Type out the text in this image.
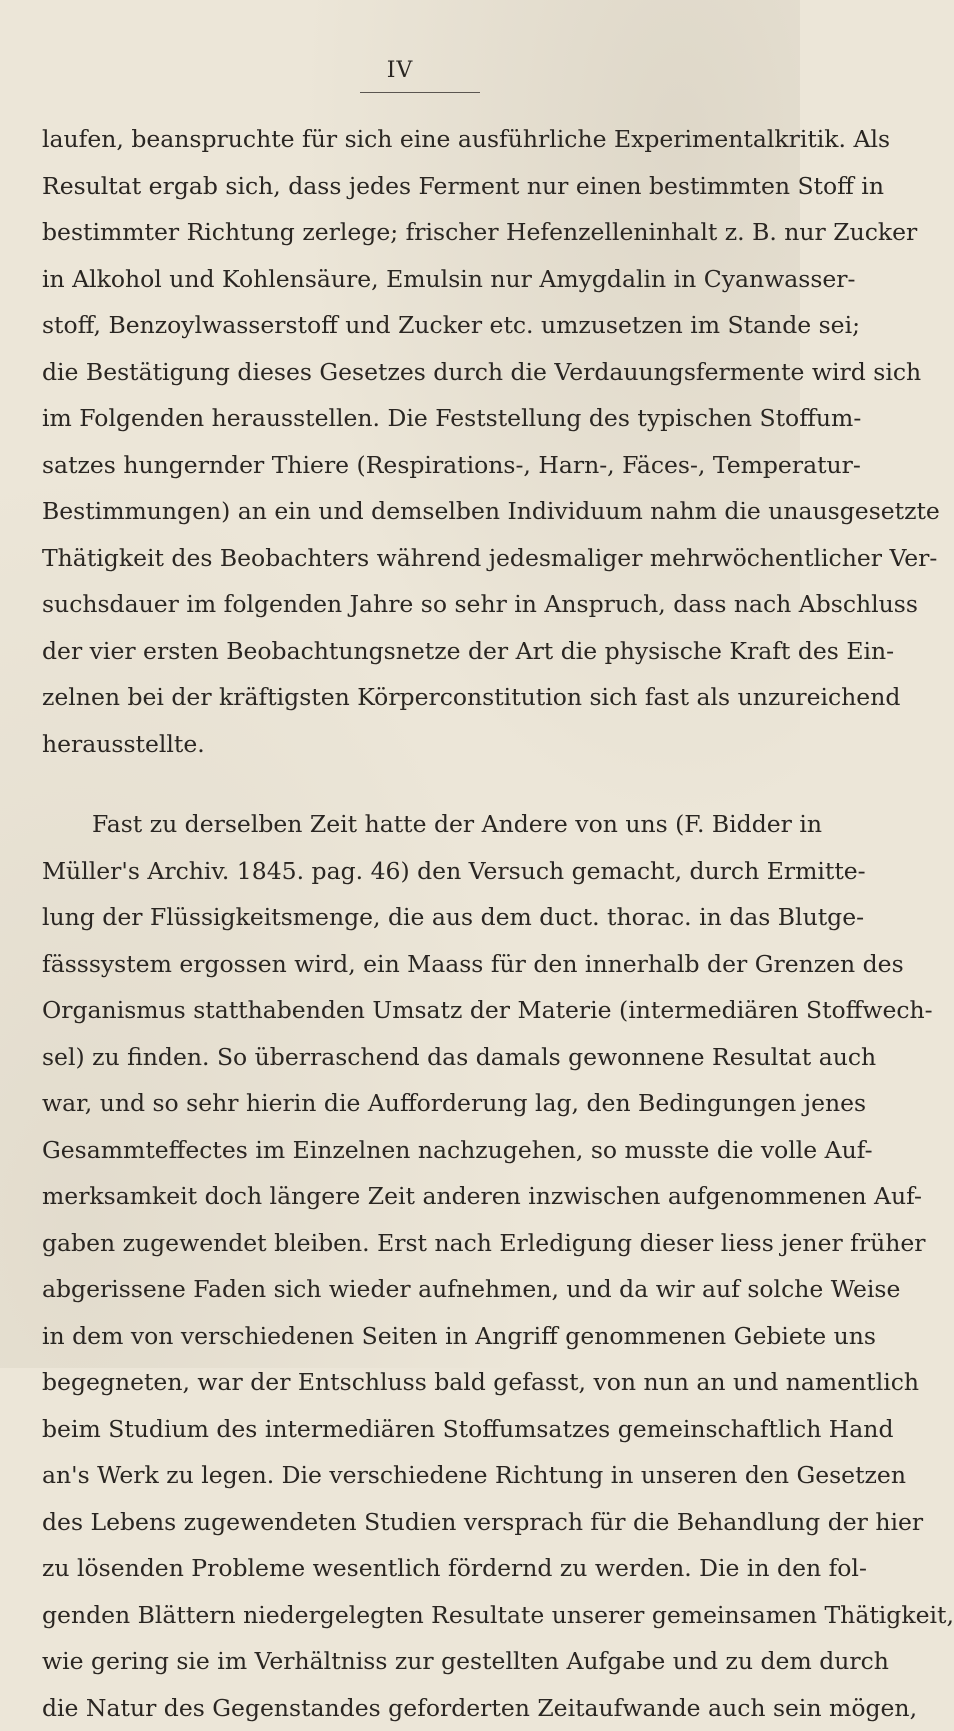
IV
laufen, beanspruchte für sich eine ausführliche Experimentalkritik. Als
Resultat ergab sich, dass jedes Ferment nur einen bestimmten Stoff in
bestimmter Richtung zerlege; frischer Hefenzelleninhalt z. B. nur Zucker
in Alkohol und Kohlensäure, Emulsin nur Amygdalin in Cyanwasser-
stoff, Benzoylwasserstoff und Zucker etc. umzusetzen im Stande sei;
die Bestätigung dieses Gesetzes durch die Verdauungsfermente wird sich
im Folgenden herausstellen. Die Feststellung des typischen Stoffum-
satzes hungernder Thiere (Respirations-, Harn-, Fäces-, Temperatur-
Bestimmungen) an ein und demselben Individuum nahm die unausgesetzte
Thätigkeit des Beobachters während jedesmaliger mehrwöchentlicher Ver-
suchsdauer im folgenden Jahre so sehr in Anspruch, dass nach Abschluss
der vier ersten Beobachtungsnetze der Art die physische Kraft des Ein-
zelnen bei der kräftigsten Körperconstitution sich fast als unzureichend
herausstellte.
Fast zu derselben Zeit hatte der Andere von uns (F. Bidder in
Müller's Archiv. 1845. pag. 46) den Versuch gemacht, durch Ermitte-
lung der Flüssigkeitsmenge, die aus dem duct. thorac. in das Blutge-
fässsystem ergossen wird, ein Maass für den innerhalb der Grenzen des
Organismus statthabenden Umsatz der Materie (intermediären Stoffwech-
sel) zu finden. So überraschend das damals gewonnene Resultat auch
war, und so sehr hierin die Aufforderung lag, den Bedingungen jenes
Gesammteffectes im Einzelnen nachzugehen, so musste die volle Auf-
merksamkeit doch längere Zeit anderen inzwischen aufgenommenen Auf-
gaben zugewendet bleiben. Erst nach Erledigung dieser liess jener früher
abgerissene Faden sich wieder aufnehmen, und da wir auf solche Weise
in dem von verschiedenen Seiten in Angriff genommenen Gebiete uns
begegneten, war der Entschluss bald gefasst, von nun an und namentlich
beim Studium des intermediären Stoffumsatzes gemeinschaftlich Hand
an's Werk zu legen. Die verschiedene Richtung in unseren den Gesetzen
des Lebens zugewendeten Studien versprach für die Behandlung der hier
zu lösenden Probleme wesentlich fördernd zu werden. Die in den fol-
genden Blättern niedergelegten Resultate unserer gemeinsamen Thätigkeit,
wie gering sie im Verhältniss zur gestellten Aufgabe und zu dem durch
die Natur des Gegenstandes geforderten Zeitaufwande auch sein mögen,
